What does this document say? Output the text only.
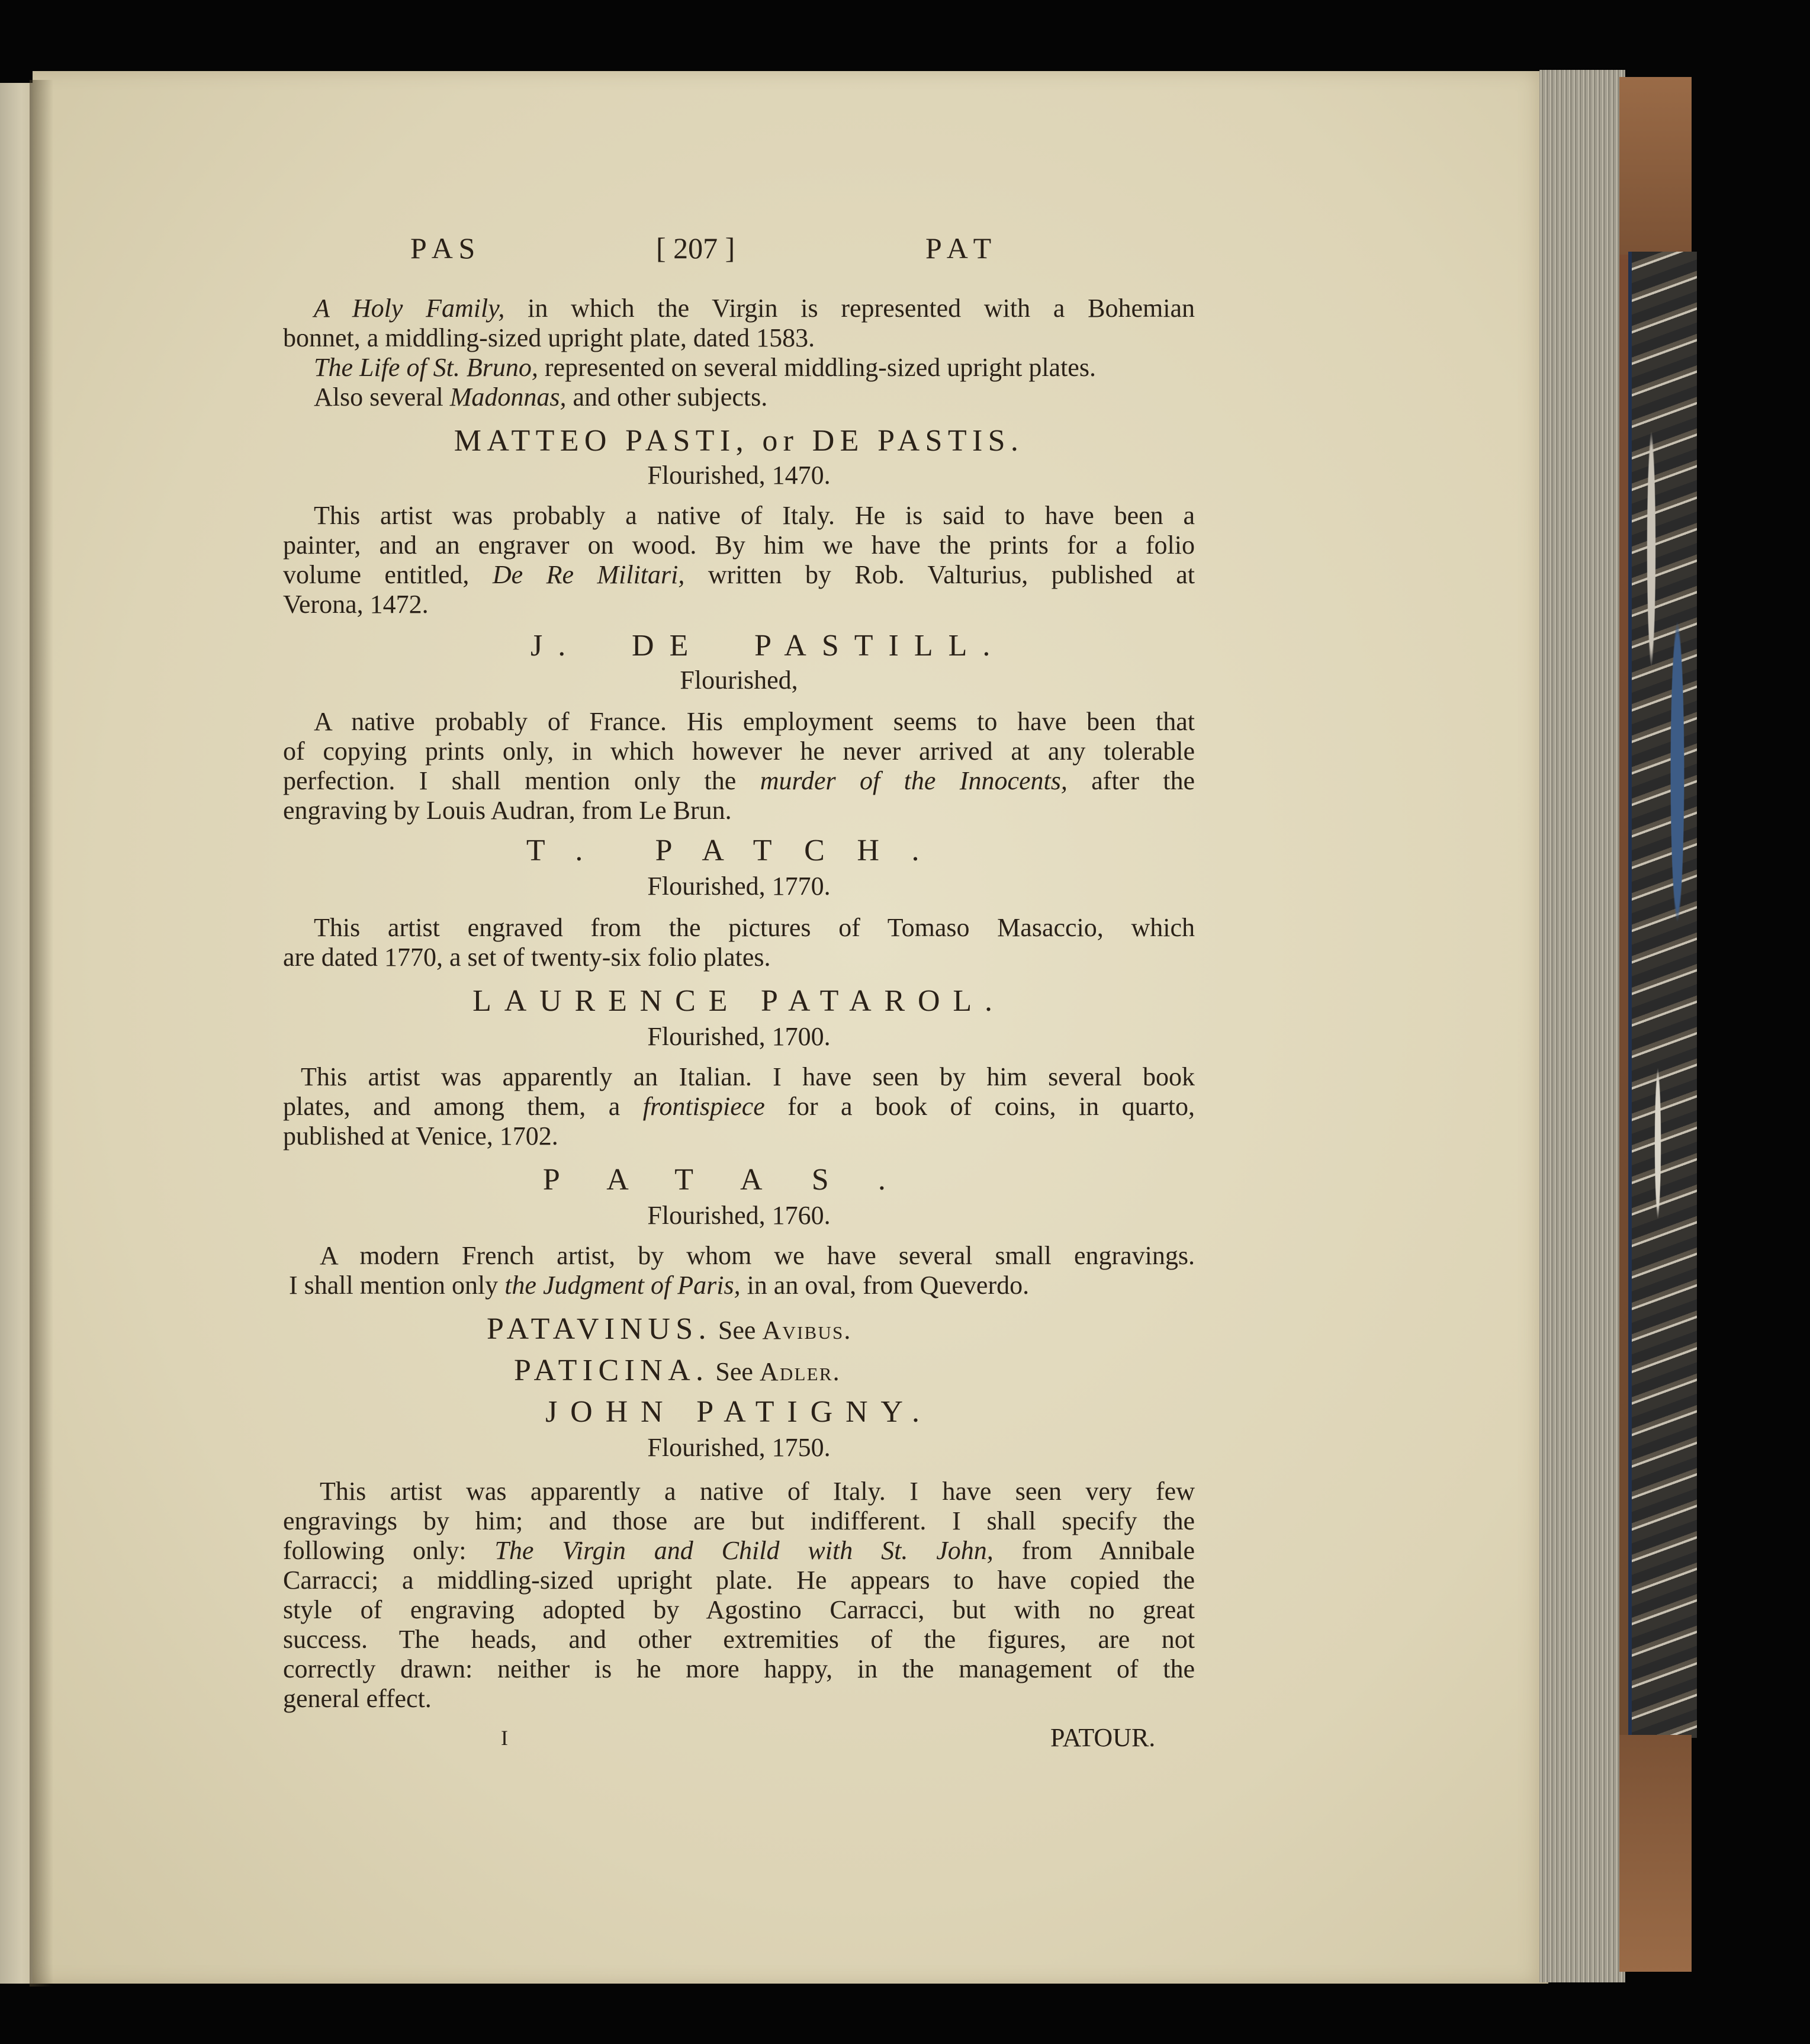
P A S	[ 207 ]	P A T
A Holy Family, in which the Virgin is represented with a Bohemian
bonnet, a middling-sized upright plate, dated 1583.
The Life of St. Bruno, represented on several middling-sized upright plates.
Also several Madonnas, and other subjects.
MATTEO PASTI, or DE PASTIS.
Flourished, 1470.
This artist was probably a native of Italy. He is said to have been a
painter, and an engraver on wood. By him we have the prints for a folio
volume entitled, De Re Militari, written by Rob. Valturius, published at
Verona, 1472.
J. DE PASTILL.
Flourished,
A native probably of France. His employment seems to have been that
of copying prints only, in which however he never arrived at any tolerable
perfection. I shall mention only the murder of the Innocents, after the
engraving by Louis Audran, from Le Brun.
T. PATCH.
Flourished, 1770.
This artist engraved from the pictures of Tomaso Masaccio, which
are dated 1770, a set of twenty-six folio plates.
LAURENCE PATAROL.
Flourished, 1700.
This artist was apparently an Italian. I have seen by him several book
plates, and among them, a frontispiece for a book of coins, in quarto,
published at Venice, 1702.
PATAS.
Flourished, 1760.
A modern French artist, by whom we have several small engravings.
I shall mention only the Judgment of Paris, in an oval, from Queverdo.
PATAVINUS. See Avibus.
PATICINA. See Adler.
JOHN PATIGNY.
Flourished, 1750.
This artist was apparently a native of Italy. I have seen very few
engravings by him; and those are but indifferent. I shall specify the
following only: The Virgin and Child with St. John, from Annibale
Carracci; a middling-sized upright plate. He appears to have copied the
style of engraving adopted by Agostino Carracci, but with no great
success. The heads, and other extremities of the figures, are not
correctly drawn: neither is he more happy, in the management of the
general effect.
I	PATOUR.
